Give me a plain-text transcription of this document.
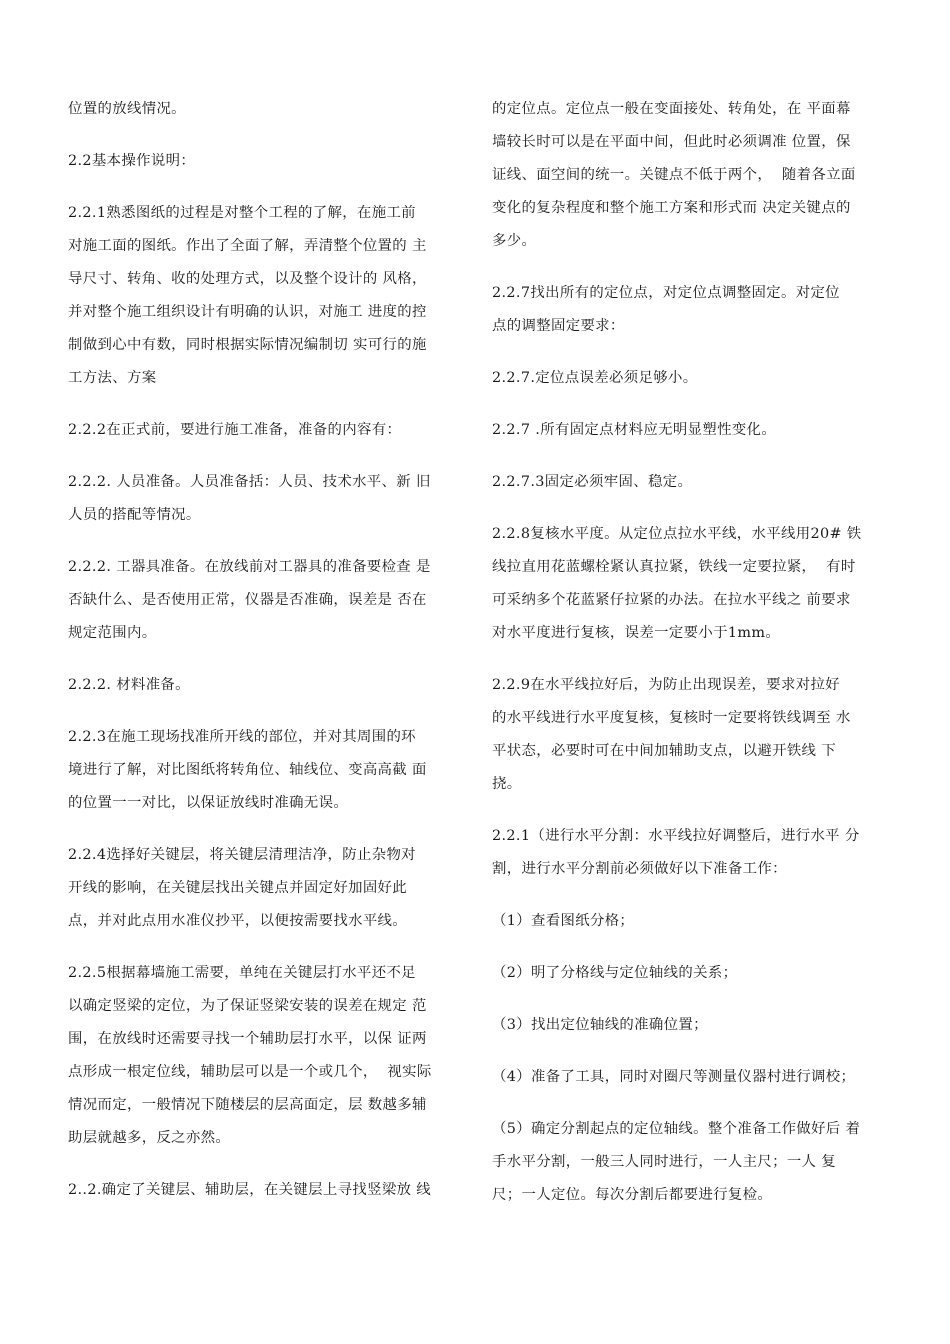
位置的放线情况。
2.2基本操作说明：
2.2.1熟悉图纸的过程是对整个工程的了解，在施工前
对施工面的图纸。作出了全面了解，弄清整个位置的 主
导尺寸、转角、收的处理方式，以及整个设计的 风格，
并对整个施工组织设计有明确的认识，对施工 进度的控
制做到心中有数，同时根据实际情况编制切 实可行的施
工方法、方案
2.2.2在正式前，要进行施工准备，准备的内容有：
2.2.2. 人员准备。人员准备括：人员、技术水平、新 旧
人员的搭配等情况。
2.2.2. 工器具准备。在放线前对工器具的准备要检查 是
否缺什么、是否使用正常，仪器是否准确，误差是 否在
规定范围内。
2.2.2. 材料准备。
2.2.3在施工现场找准所开线的部位，并对其周围的环
境进行了解，对比图纸将转角位、轴线位、变高高截 面
的位置一一对比，以保证放线时准确无误。
2.2.4选择好关键层，将关键层清理洁净，防止杂物对
开线的影响，在关键层找出关键点并固定好加固好此
点，并对此点用水准仪抄平，以便按需要找水平线。
2.2.5根据幕墙施工需要，单纯在关键层打水平还不足
以确定竖梁的定位，为了保证竖梁安装的误差在规定 范
围，在放线时还需要寻找一个辅助层打水平，以保 证两
点形成一根定位线，辅助层可以是一个或几个，  视实际
情况而定，一般情况下随楼层的层高面定，层 数越多辅
助层就越多，反之亦然。
2..2.确定了关键层、辅助层，在关键层上寻找竖梁放 线
的定位点。定位点一般在变面接处、转角处，在 平面幕
墙较长时可以是在平面中间，但此时必须调准 位置，保
证线、面空间的统一。关键点不低于两个，  随着各立面
变化的复杂程度和整个施工方案和形式而 决定关键点的
多少。
2.2.7找出所有的定位点，对定位点调整固定。对定位
点的调整固定要求：
2.2.7.定位点误差必须足够小。
2.2.7 .所有固定点材料应无明显塑性变化。
2.2.7.3固定必须牢固、稳定。
2.2.8复核水平度。从定位点拉水平线，水平线用20# 铁
线拉直用花蓝螺栓紧认真拉紧，铁线一定要拉紧，  有时
可采纳多个花蓝紧仔拉紧的办法。在拉水平线之 前要求
对水平度进行复核，误差一定要小于1mm。
2.2.9在水平线拉好后，为防止出现误差，要求对拉好
的水平线进行水平度复核，复核时一定要将铁线调至 水
平状态，必要时可在中间加辅助支点，以避开铁线 下
挠。
2.2.1（进行水平分割：水平线拉好调整后，进行水平 分
割，进行水平分割前必须做好以下准备工作：
（1）查看图纸分格；
（2）明了分格线与定位轴线的关系；
（3）找出定位轴线的准确位置；
（4）准备了工具，同时对圈尺等测量仪器村进行调校；
（5）确定分割起点的定位轴线。整个准备工作做好后 着
手水平分割，一般三人同时进行，一人主尺；一人 复
尺；一人定位。每次分割后都要进行复检。
